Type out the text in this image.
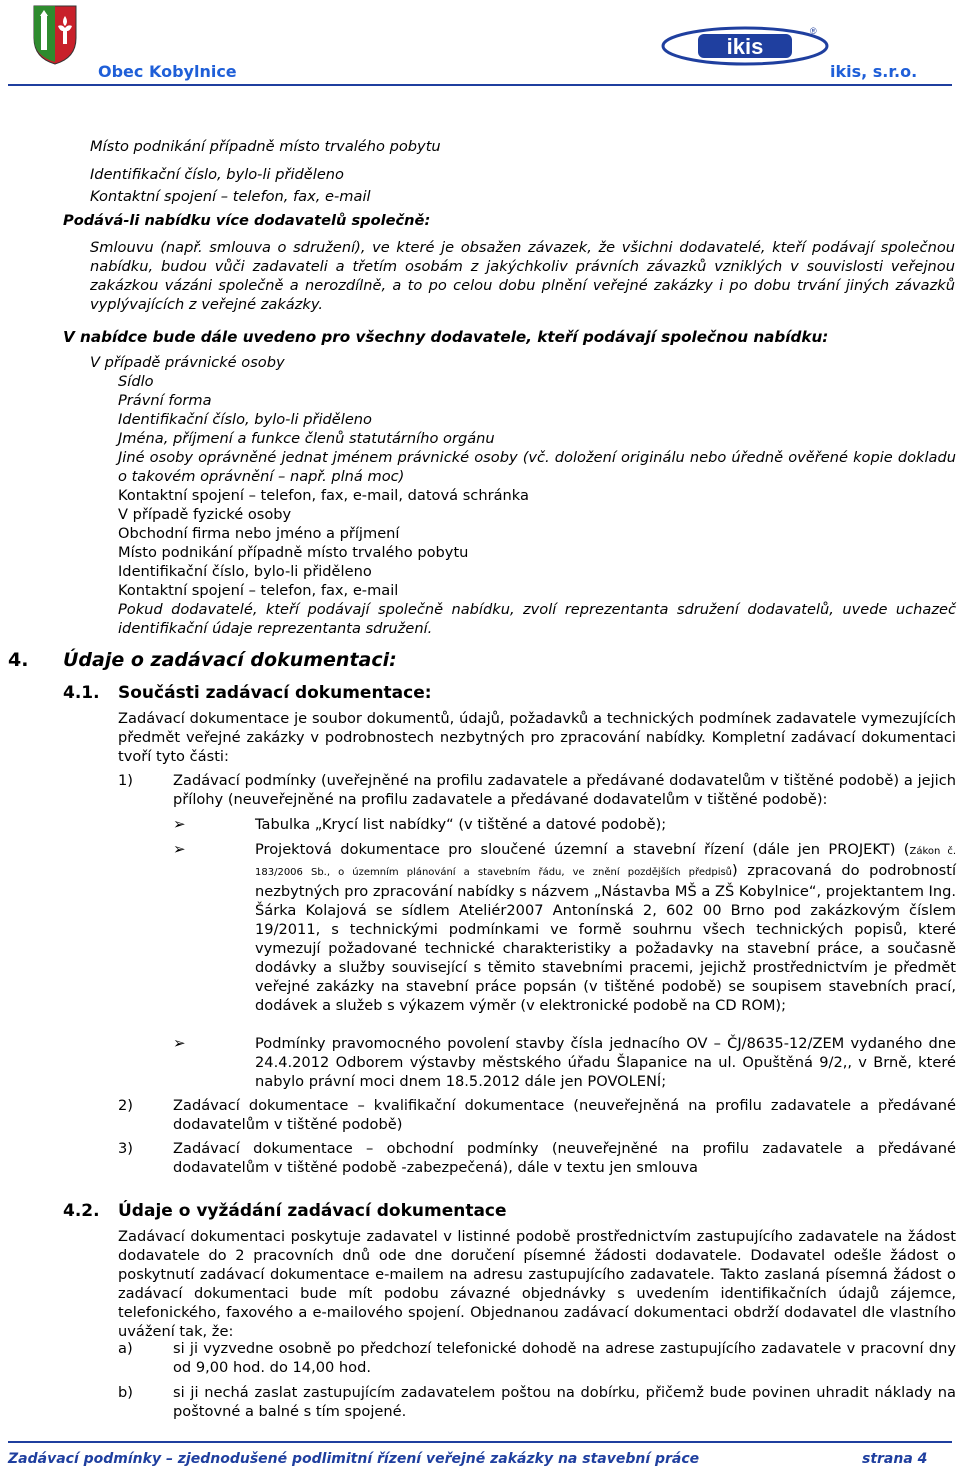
Obec Kobylnice
ikis
®
ikis, s.r.o.
Místo podnikání případně místo trvalého pobytu
Identifikační číslo, bylo-li přiděleno
Kontaktní spojení – telefon, fax, e-mail
Podává-li nabídku více dodavatelů společně:
Smlouvu (např. smlouva o sdružení), ve které je obsažen závazek, že všichni dodavatelé, kteří podávají společnou nabídku, budou vůči zadavateli a třetím osobám z jakýchkoliv právních závazků vzniklých v souvislosti veřejnou zakázkou vázáni společně a nerozdílně, a to po celou dobu plnění veřejné zakázky i po dobu trvání jiných závazků vyplývajících z veřejné zakázky.
V nabídce bude dále uvedeno pro všechny dodavatele, kteří podávají společnou nabídku:
V případě právnické osoby
Sídlo
Právní forma
Identifikační číslo, bylo-li přiděleno
Jména, příjmení a funkce členů statutárního orgánu
Jiné osoby oprávněné jednat jménem právnické osoby (vč. doložení originálu nebo úředně ověřené kopie dokladu o takovém oprávnění – např. plná moc)
Kontaktní spojení – telefon, fax, e-mail, datová schránka
V případě fyzické osoby
Obchodní firma nebo jméno a příjmení
Místo podnikání případně místo trvalého pobytu
Identifikační číslo, bylo-li přiděleno
Kontaktní spojení – telefon, fax, e-mail
Pokud dodavatelé, kteří podávají společně nabídku, zvolí reprezentanta sdružení dodavatelů, uvede uchazeč identifikační údaje reprezentanta sdružení.
4. Údaje o zadávací dokumentaci:
4.1. Součásti zadávací dokumentace:
Zadávací dokumentace je soubor dokumentů, údajů, požadavků a technických podmínek zadavatele vymezujících předmět veřejné zakázky v podrobnostech nezbytných pro zpracování nabídky. Kompletní zadávací dokumentaci tvoří tyto části:
1)	Zadávací podmínky (uveřejněné na profilu zadavatele a předávané dodavatelům v tištěné podobě) a jejich přílohy (neuveřejněné na profilu zadavatele a předávané dodavatelům v tištěné podobě):
➢	Tabulka „Krycí list nabídky“ (v tištěné a datové podobě);
➢	Projektová dokumentace pro sloučené územní a stavební řízení (dále jen PROJEKT) (Zákon č. 183/2006 Sb., o územním plánování a stavebním řádu, ve znění pozdějších předpisů) zpracovaná do podrobností nezbytných pro zpracování nabídky s názvem „Nástavba MŠ a ZŠ Kobylnice“, projektantem Ing. Šárka Kolajová se sídlem Ateliér2007 Antonínská 2, 602 00 Brno pod zakázkovým číslem 19/2011, s technickými podmínkami ve formě souhrnu všech technických popisů, které vymezují požadované technické charakteristiky a požadavky na stavební práce, a současně dodávky a služby související s těmito stavebními pracemi, jejichž prostřednictvím je předmět veřejné zakázky na stavební práce popsán (v tištěné podobě) se soupisem stavebních prací, dodávek a služeb s výkazem výměr (v elektronické podobě na CD ROM);
➢	Podmínky pravomocného povolení stavby čísla jednacího OV – ČJ/8635-12/ZEM vydaného dne 24.4.2012 Odborem výstavby městského úřadu Šlapanice na ul. Opuštěná 9/2,, v Brně, které nabylo právní moci dnem 18.5.2012 dále jen POVOLENÍ;
2)	Zadávací dokumentace – kvalifikační dokumentace (neuveřejněná na profilu zadavatele a předávané dodavatelům v tištěné podobě)
3)	Zadávací dokumentace – obchodní podmínky (neuveřejněné na profilu zadavatele a předávané dodavatelům v tištěné podobě -zabezpečená), dále v textu jen smlouva
4.2. Údaje o vyžádání zadávací dokumentace
Zadávací dokumentaci poskytuje zadavatel v listinné podobě prostřednictvím zastupujícího zadavatele na žádost dodavatele do 2 pracovních dnů ode dne doručení písemné žádosti dodavatele. Dodavatel odešle žádost o poskytnutí zadávací dokumentace e-mailem na adresu zastupujícího zadavatele. Takto zaslaná písemná žádost o zadávací dokumentaci bude mít podobu závazné objednávky s uvedením identifikačních údajů zájemce, telefonického, faxového a e-mailového spojení. Objednanou zadávací dokumentaci obdrží dodavatel dle vlastního uvážení tak, že:
a)	si ji vyzvedne osobně po předchozí telefonické dohodě na adrese zastupujícího zadavatele v pracovní dny od 9,00 hod. do 14,00 hod.
b)	si ji nechá zaslat zastupujícím zadavatelem poštou na dobírku, přičemž bude povinen uhradit náklady na poštovné a balné s tím spojené.
Zadávací podmínky – zjednodušené podlimitní řízení veřejné zakázky na stavební práce	strana 4
